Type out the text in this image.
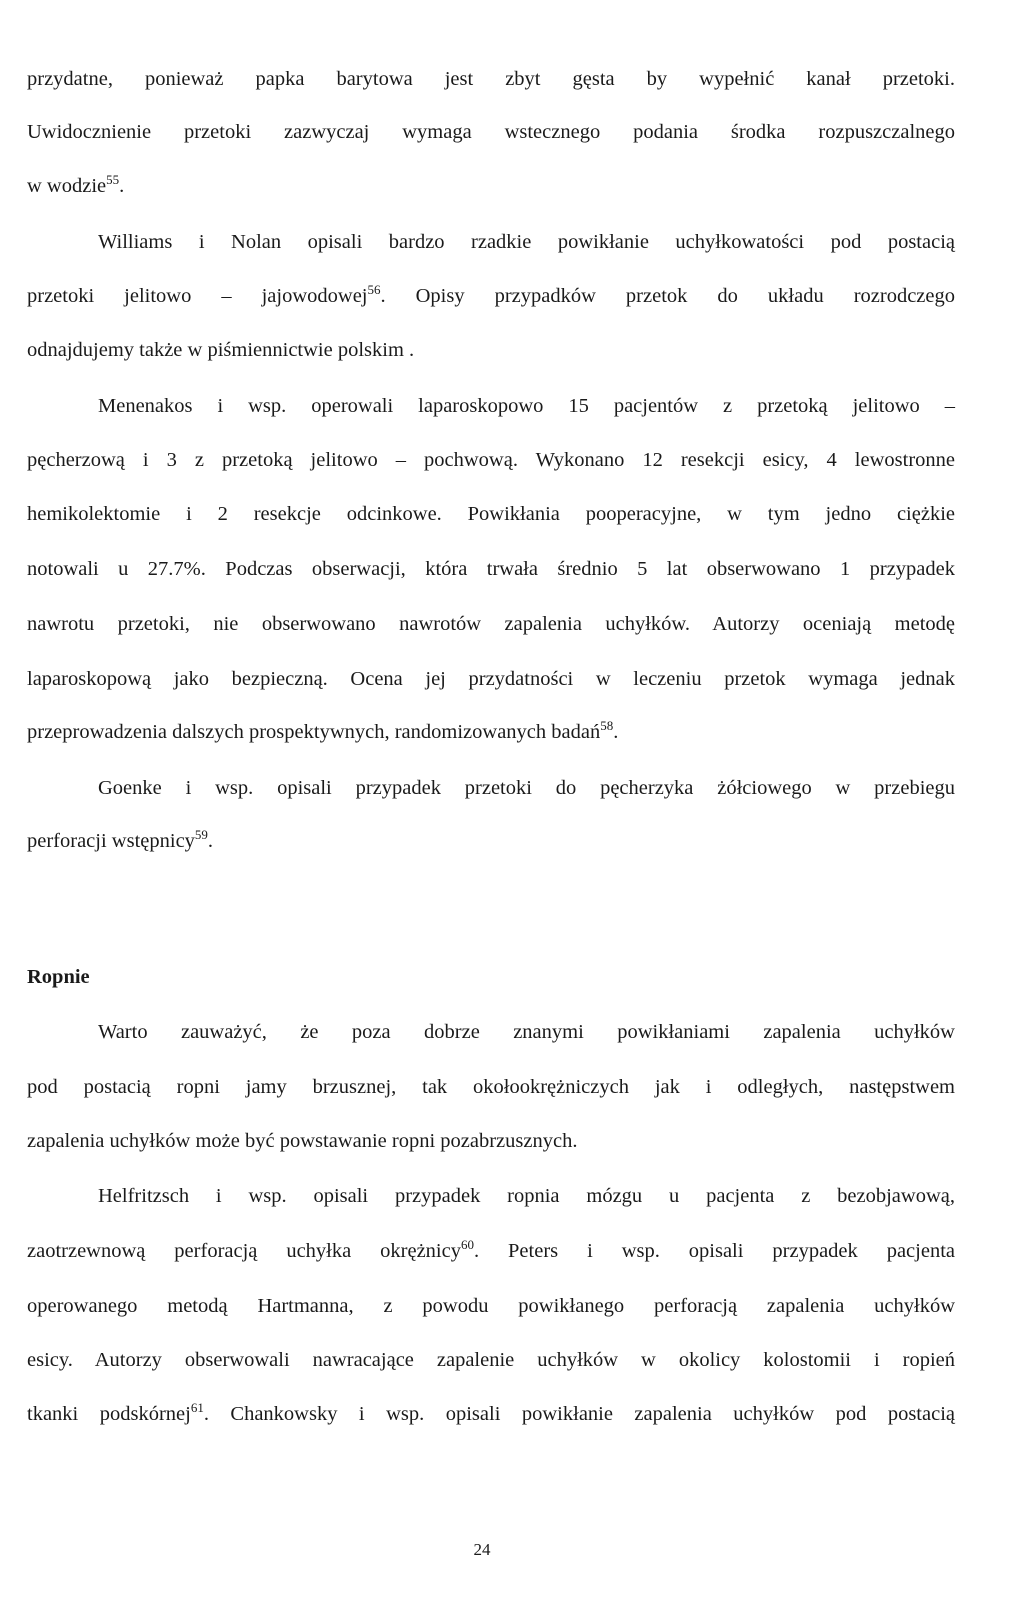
przydatne, ponieważ papka barytowa jest zbyt gęsta by wypełnić kanał przetoki.
Uwidocznienie przetoki zazwyczaj wymaga wstecznego podania środka rozpuszczalnego
w wodzie$^{55}$.
Williams i Nolan opisali bardzo rzadkie powikłanie uchyłkowatości pod postacią
przetoki jelitowo – jajowodowej$^{56}$. Opisy przypadków przetok do układu rozrodczego
odnajdujemy także w piśmiennictwie polskim .
Menenakos i wsp. operowali laparoskopowo 15 pacjentów z przetoką jelitowo –
pęcherzową i 3 z przetoką jelitowo – pochwową. Wykonano 12 resekcji esicy, 4 lewostronne
hemikolektomie i 2 resekcje odcinkowe. Powikłania pooperacyjne, w tym jedno ciężkie
notowali u 27.7%. Podczas obserwacji, która trwała średnio 5 lat obserwowano 1 przypadek
nawrotu przetoki, nie obserwowano nawrotów zapalenia uchyłków. Autorzy oceniają metodę
laparoskopową jako bezpieczną. Ocena jej przydatności w leczeniu przetok wymaga jednak
przeprowadzenia dalszych prospektywnych, randomizowanych badań$^{58}$.
Goenke i wsp. opisali przypadek przetoki do pęcherzyka żółciowego w przebiegu
perforacji wstępnicy$^{59}$.
Ropnie
Warto zauważyć, że poza dobrze znanymi powikłaniami zapalenia uchyłków
pod postacią ropni jamy brzusznej, tak okołookrężniczych jak i odległych, następstwem
zapalenia uchyłków może być powstawanie ropni pozabrzusznych.
Helfritzsch i wsp. opisali przypadek ropnia mózgu u pacjenta z bezobjawową,
zaotrzewnową perforacją uchyłka okrężnicy$^{60}$. Peters i wsp. opisali przypadek pacjenta
operowanego metodą Hartmanna, z powodu powikłanego perforacją zapalenia uchyłków
esicy. Autorzy obserwowali nawracające zapalenie uchyłków w okolicy kolostomii i ropień
tkanki podskórnej$^{61}$. Chankowsky i wsp. opisali powikłanie zapalenia uchyłków pod postacią
24
